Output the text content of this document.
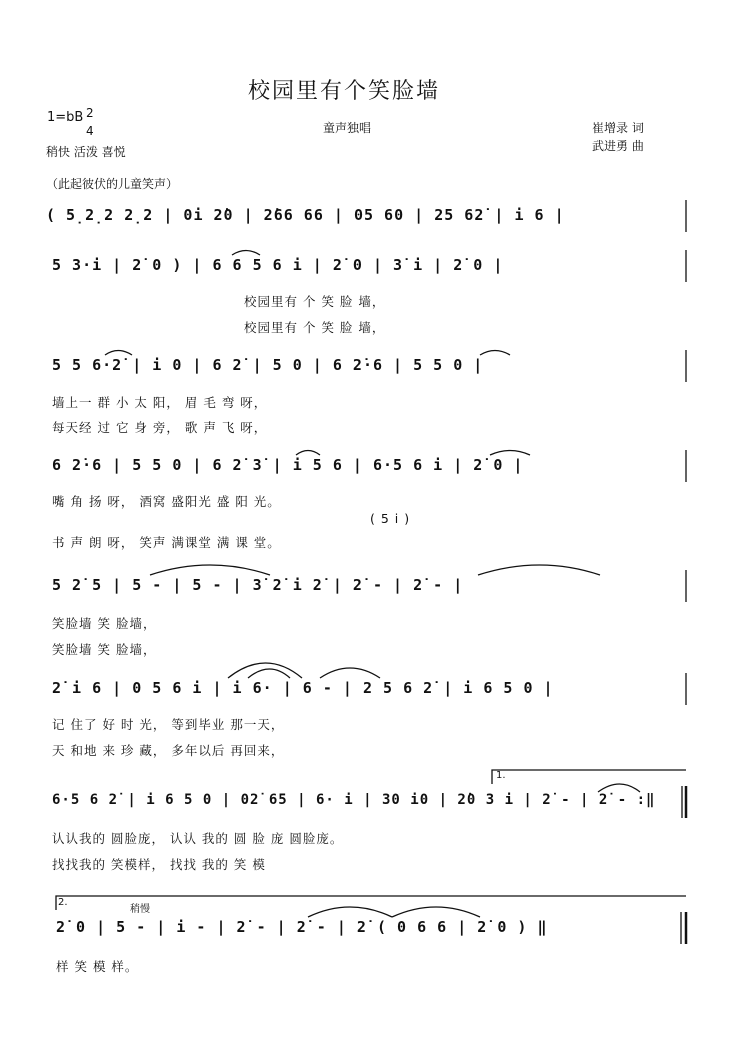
校园里有个笑脸墙
1=bB 2
4
稍快 活泼 喜悦
童声独唱	崔增录 词
武进勇 曲
（此起彼伏的儿童笑声）
( 5̣2̣2 2̣2 | 0i 2̇0 | 2̇66 66 | 05 60 | 25 62̇ | i 6 |
5 3·i | 2̇ 0 ) | 6 6 5 6 i | 2̇ 0 | 3̇ i | 2̇ 0 |
校园里有 个 笑 脸 墙，
校园里有 个 笑 脸 墙，
5 5 6·2̇ | i 0 | 6 2̇ | 5 0 | 6 2̇·6 | 5 5 0 |
墙上一 群 小 太 阳， 眉 毛 弯 呀，
每天经 过 它 身 旁， 歌 声 飞 呀，
6 2̇·6 | 5 5 0 | 6 2̇ 3̇ | i 5 6 | 6·5 6 i | 2̇ 0 |
嘴 角 扬 呀， 酒窝 盛阳光 盛 阳 光。
( 5 i )
书 声 朗 呀， 笑声 满课堂 满 课 堂。
5 2̇ 5 | 5 - | 5 - | 3̇ 2̇ i 2̇ | 2̇ - | 2̇ - |
笑脸墙 笑 脸墙，
笑脸墙 笑 脸墙，
2̇ i 6 | 0 5 6 i | i 6· | 6 - | 2 5 6 2̇ | i 6 5 0 |
记 住了 好 时 光， 等到毕业 那一天，
天 和地 来 珍 藏， 多年以后 再回来，
1.
6·5 6 2̇ | i 6 5 0 | 02̇ 65 | 6· i | 30 i0 | 2̇0 3 i | 2̇ - | 2̇ - :‖
认认我的 圆脸庞， 认认 我的 圆 脸 庞 圆脸庞。
找找我的 笑模样， 找找 我的 笑 模
2.
稍慢
2̇ 0 | 5 - | i - | 2̇ - | 2̇ - | 2̇ ( 0 6 6 | 2̇ 0 ) ‖
样 笑 模 样。
